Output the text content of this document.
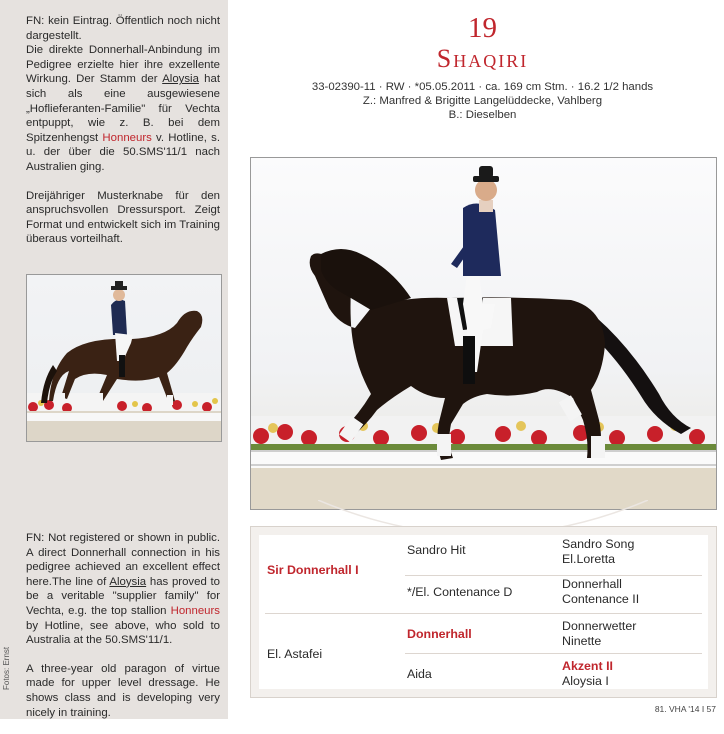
Fotos: Ernst

FN: kein Eintrag. Öffentlich noch nicht dargestellt.
Die direkte Donnerhall-Anbindung im Pedigree erzielte hier ihre exzellente Wirkung. Der Stamm der Aloysia hat sich als eine ausgewiesene „Hoflieferanten-Familie" für Vechta entpuppt, wie z. B. bei dem Spitzenhengst Honneurs v. Hotline, s. u. der über die 50.SMS'11/1 nach Australien ging.

Dreijähriger Musterknabe für den anspruchsvollen Dressursport. Zeigt Format und entwickelt sich im Training überaus vorteilhaft.

FN: Not registered or shown in public. A direct Donnerhall connection in his pedigree achieved an excellent effect here.The line of Aloysia has proved to be a veritable "supplier family" for Vechta, e.g. the top stallion Honneurs by Hotline, see above, who sold to Australia at the 50.SMS'11/1.

A three-year old paragon of virtue made for upper level dressage. He shows class and is developing very nicely in training.

19
Shaqiri
33-02390-11 · RW · *05.05.2011 · ca. 169 cm Stm. · 16.2 1/2 hands
Z.: Manfred & Brigitte Langelüddecke, Vahlberg
B.: Dieselben
Sir Donnerhall I
El. Astafei
Sandro Hit
*/El. Contenance D
Donnerhall
Aida
Sandro Song
El.Loretta
Donnerhall
Contenance II
Donnerwetter
Ninette
Akzent II
Aloysia I
81. VHA '14 I 57
